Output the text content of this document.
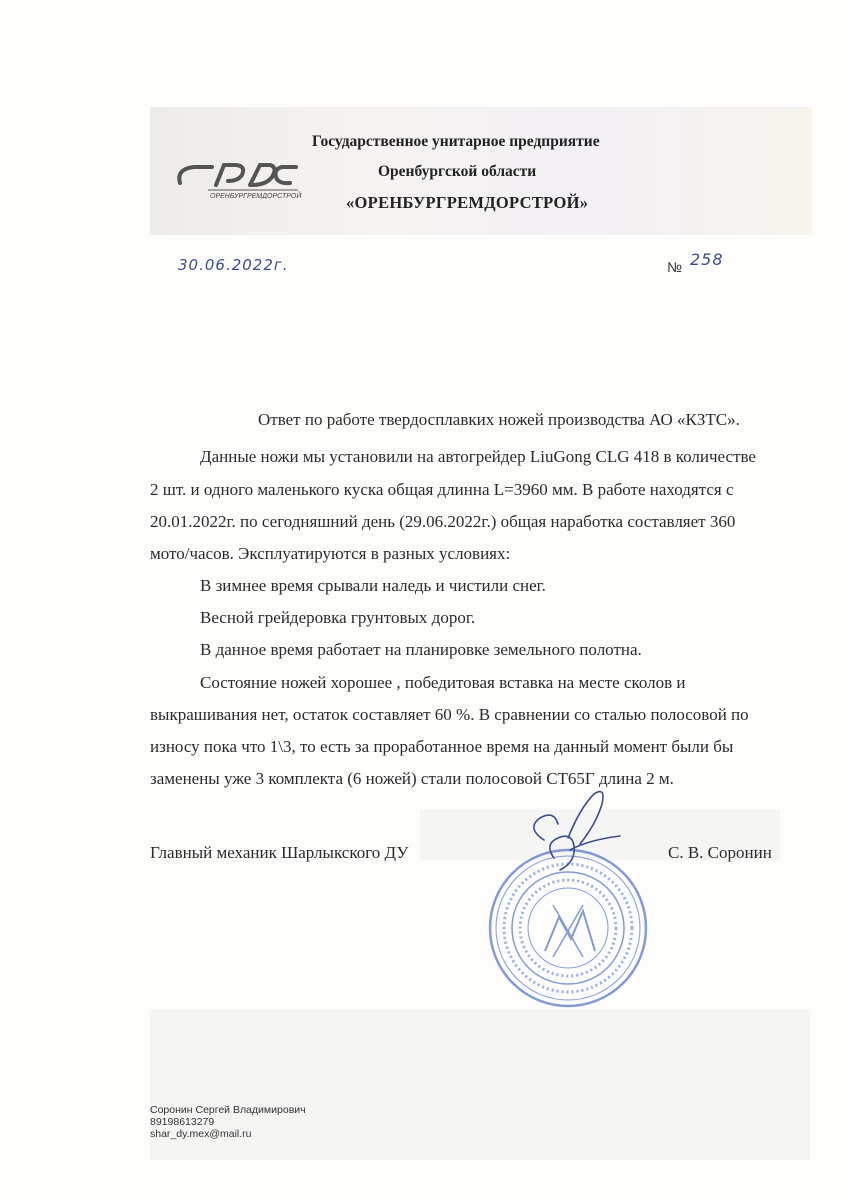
ОРЕНБУРГРЕМДОРСТРОЙ
Государственное унитарное предприятие
Оренбургской области
«ОРЕНБУРГРЕМДОРСТРОЙ»
30.06.2022г.	№ 258
Ответ по работе твердосплавких ножей производства АО «КЗТС».
Данные ножи мы установили на автогрейдер LiuGong CLG 418 в количестве
2 шт. и одного маленького куска общая длинна L=3960 мм. В работе находятся с
20.01.2022г. по сегодняшний день (29.06.2022г.) общая наработка составляет 360
мото/часов. Эксплуатируются в разных условиях:
В зимнее время срывали наледь и чистили снег.
Весной грейдеровка грунтовых дорог.
В данное время работает на планировке земельного полотна.
Состояние ножей хорошее , победитовая вставка на месте сколов и
выкрашивания нет, остаток составляет 60 %. В сравнении со сталью полосовой по
износу пока что 1\3, то есть за проработанное время на данный момент были бы
заменены уже 3 комплекта (6 ножей) стали полосовой СТ65Г длина 2 м.
Главный механик Шарлыкского ДУ	С. В. Соронин
Соронин Сергей Владимирович
89198613279
shar_dy.mex@mail.ru
